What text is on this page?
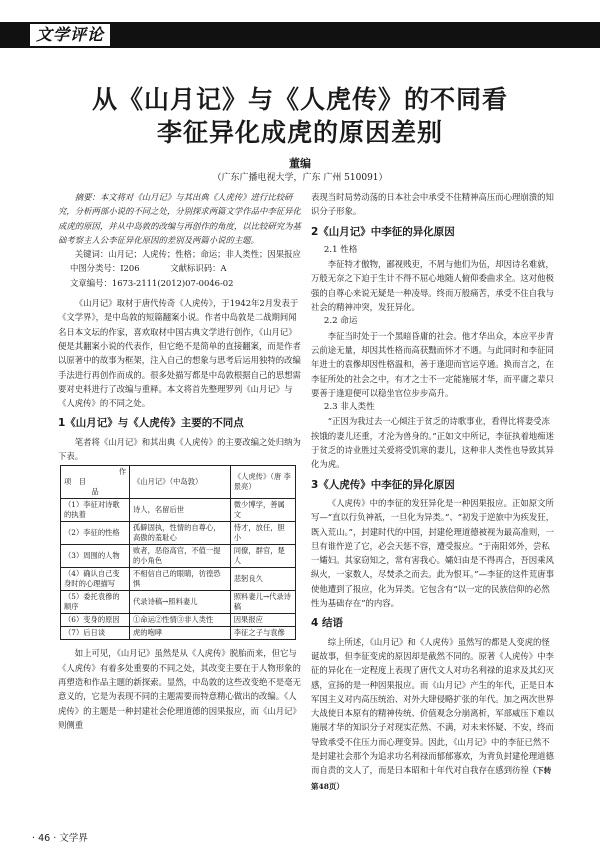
文学评论
从《山月记》与《人虎传》的不同看
李征异化成虎的原因差别
董编
（广东广播电视大学，广东 广州 510091）

摘要：本文将对《山月记》与其出典《人虎传》进行比较研究，分析两部小说的不同之处，分别探求两篇文学作品中李征异化成虎的原因，并从中岛敦的改编与再创作的角度，以比较研究为基础考察主人公李征异化原因的差别及两篇小说的主题。

关键词：山月记；人虎传；性格；命运；非人类性；因果报应

中图分类号：I206	文献标识码：A
文章编号：1673-2111(2012)07-0046-02

《山月记》取材于唐代传奇《人虎传》，于1942年2月发表于《文学界》，是中岛敦的短篇翻案小说。作者中岛敦是二战期间闻名日本文坛的作家，喜欢取材中国古典文学进行创作，《山月记》便是其翻案小说的代表作，但它绝不是简单的直接翻案，而是作者以原著中的故事为框架，注入自己的想象与思考后运用独特的改编手法进行再创作而成的。很多处描写都是中岛敦根据自己的思想需要对史料进行了改编与重释。本文将首先整理罗列《山月记》与《人虎传》的不同之处。

1《山月记》与《人虎传》主要的不同点

笔者将《山月记》和其出典《人虎传》的主要改编之处归纳为下表。

作
项　目
品	《山月记》（中岛敦）	《人虎传》（唐 李景亮）
（1）李征对诗歌的执着	诗人，名留后世	微少博学，善属文
（2）李征的性格	孤僻固执，性情的自尊心，高傲的羞耻心	恃才，放任，胆小
（3）周围的人物	败者，恶俗高官，不值一提的小角色	同僚，群官，楚人
（4）确认自己变身时的心理描写	不相信自己的眼睛，彷徨恐惧	悲躬良久
（5）委托袁傪的顺序	代录诗稿→照料妻儿	照料妻儿→代录诗稿
（6）变身的原因	①命运②性情③非人类性	因果报应
（7）后日谈	虎的咆哮	李征之子与袁傪

如上可见，《山月记》虽然是从《人虎传》脱胎而来，但它与《人虎传》有着多处重要的不同之处，其改变主要在于人物形象的再塑造和作品主题的新探索。显然，中岛敦的这些改变绝不是毫无意义的，它是为表现不同的主题需要而特意精心做出的改编。《人虎传》的主题是一种封建社会伦理道德的因果报应，而《山月记》则侧重

表现当时局势动荡的日本社会中承受不住精神高压而心理崩溃的知识分子形象。

2《山月记》中李征的异化原因
2.1 性格

李征特才傲物，鄙视贱吏，不屑与他们为伍，却因诗名难就，万般无奈之下迫于生计不得不屈心地随人俯仰委曲求全。这对他极强的自尊心来说无疑是一种凌辱。终而万般痛苦，承受不住自我与社会的精神冲突，发狂异化。

2.2 命运

李征当时处于一个黑暗昏庸的社会。他才华出众，本应平步青云前途无量，却因其性格而高获黜而怀才不遇。与此同时和李征同年进士的袁傪却因性格温和，善于逢迎而官运亨通。换而言之，在李征所处的社会之中，有才之士不一定能施展才华，而平庸之辈只要善于逢迎便可以稳坐官位步步高升。

2.3 非人类性

“正因为我过去一心倾注于贫乏的诗歌事业，看得比将妻受冻挨饿的妻儿还重，才沦为兽身的。”正如文中所记，李征执着地痴迷于贫乏的诗业胜过关爱将受饥寒的妻儿，这种非人类性也导致其异化为虎。

3《人虎传》中李征的异化原因

《人虎传》中的李征的发狂异化是一种因果报应。正如原文所写—“直以行负神祇，一旦化为异类。”、“初发于逆旅中为疾发狂，既入荒山。”，封建时代的中国，封建伦理道德被视为最高准则，一旦有谁忤逆了它，必会天惩不容，遭受报应。“于南阳郊外，尝私一孀妇。其家窃知之，常有害我心。孀妇由是不得再合，吾因乘风纵火，一家数人，尽焚杀之而去。此为恨耳。”—李征的这件荒唐事使他遭到了报应，化为异类。它包含有“以一定的民族信仰的必然性为基础存在”的内容。

4 结语

综上所述，《山月记》和《人虎传》虽然写的都是人变虎的怪诞故事，但李征变虎的原因却是截然不同的。原著《人虎传》中李征的异化在一定程度上表现了唐代文人对功名利禄的追求及其幻灭感，宣扬的是一种因果报应。而《山月记》产生的年代，正是日本军国主义对内高压统治、对外大肆侵略扩张的年代。加之两次世界大战使日本原有的精神传统、价值观念分崩离析，军部威压下难以施展才华的知识分子对现实茫然、不满，对未来怀疑、不安，终而导致承受不住压力而心理变异。因此，《山月记》中的李征已然不是封建社会那个为追求功名利禄而郁郁寡欢，为背负封建伦理道德而自责的文人了，而是日本昭和十年代对自我存在感到彷徨（下转第48页）

· 46 · 文学界
